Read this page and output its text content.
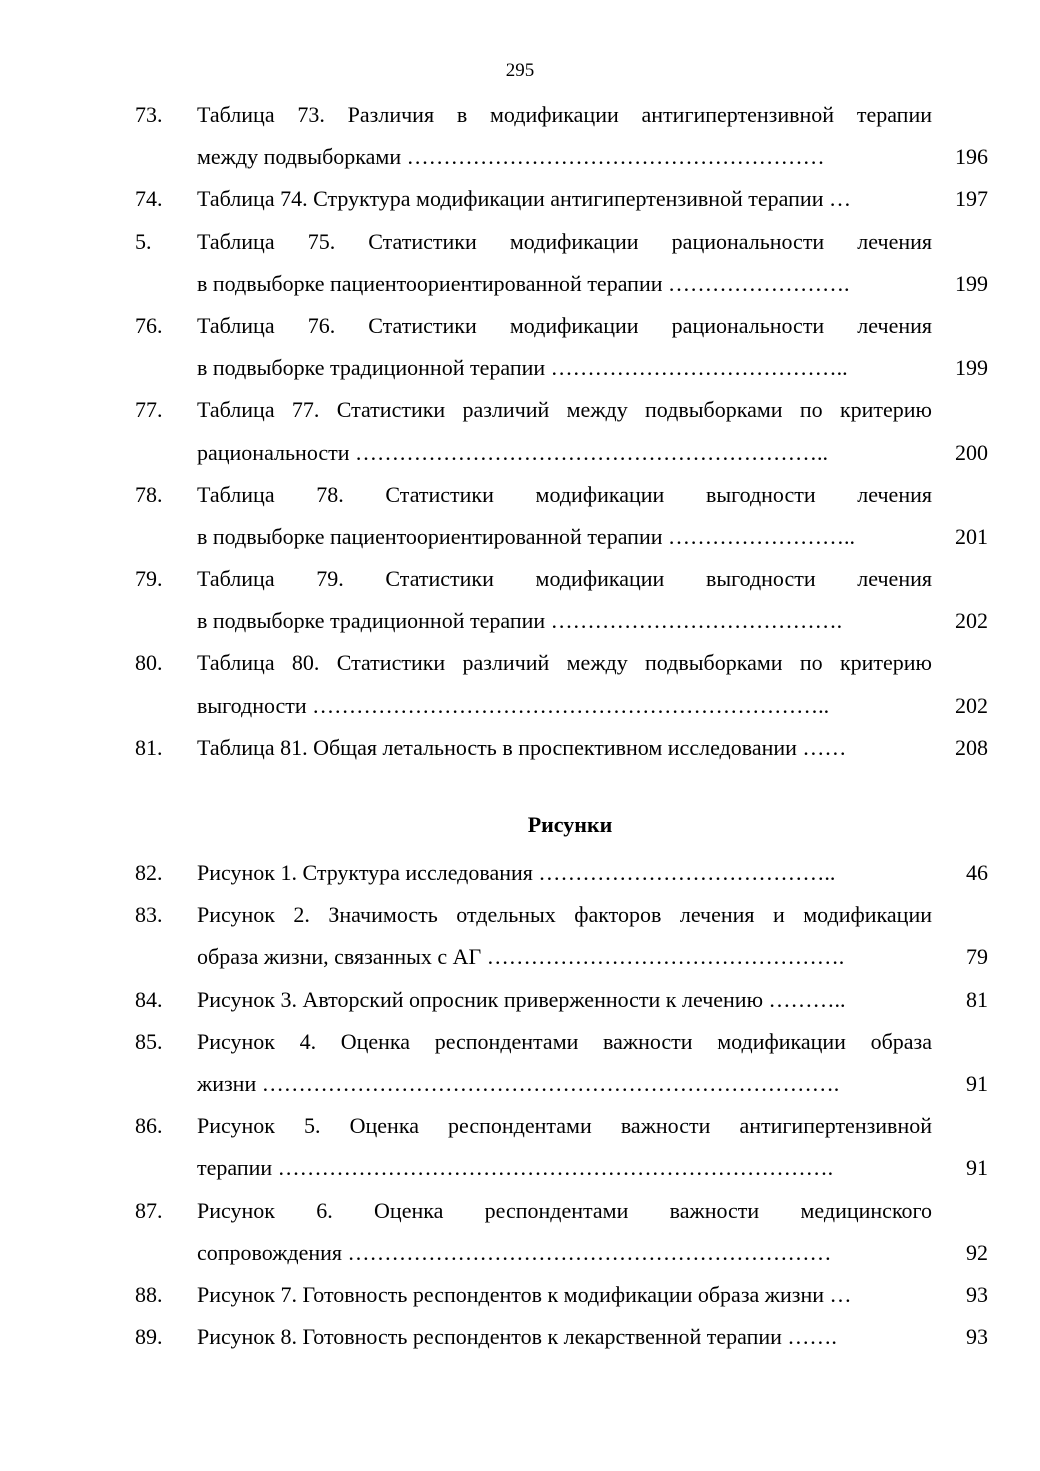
295
73. Таблица 73. Различия в модификации антигипертензивной терапии
между подвыборками …………………………………………………	196
74. Таблица 74. Структура модификации антигипертензивной терапии …	197
5. Таблица 75. Статистики модификации рациональности лечения
в подвыборке пациентоориентированной терапии …………………….	199
76. Таблица 76. Статистики модификации рациональности лечения
в подвыборке традиционной терапии …………………………………..	199
77. Таблица 77. Статистики различий между подвыборками по критерию
рациональности ………………………………………………………..	200
78. Таблица 78. Статистики модификации выгодности лечения
в подвыборке пациентоориентированной терапии ……………………..	201
79. Таблица 79. Статистики модификации выгодности лечения
в подвыборке традиционной терапии ………………………………….	202
80. Таблица 80. Статистики различий между подвыборками по критерию
выгодности ……………………………………………………………..	202
81. Таблица 81. Общая летальность в проспективном исследовании ……	208
Рисунки
82. Рисунок 1. Структура исследования …………………………………..	46
83. Рисунок 2. Значимость отдельных факторов лечения и модификации
образа жизни, связанных с АГ ………………………………………….	79
84. Рисунок 3. Авторский опросник приверженности к лечению ………..	81
85. Рисунок 4. Оценка респондентами важности модификации образа
жизни …………………………………………………………………….	91
86. Рисунок 5. Оценка респондентами важности антигипертензивной
терапии ………………………………………………………………….	91
87. Рисунок 6. Оценка респондентами важности медицинского
сопровождения …………………………………………………………	92
88. Рисунок 7. Готовность респондентов к модификации образа жизни …	93
89. Рисунок 8. Готовность респондентов к лекарственной терапии …….	93
